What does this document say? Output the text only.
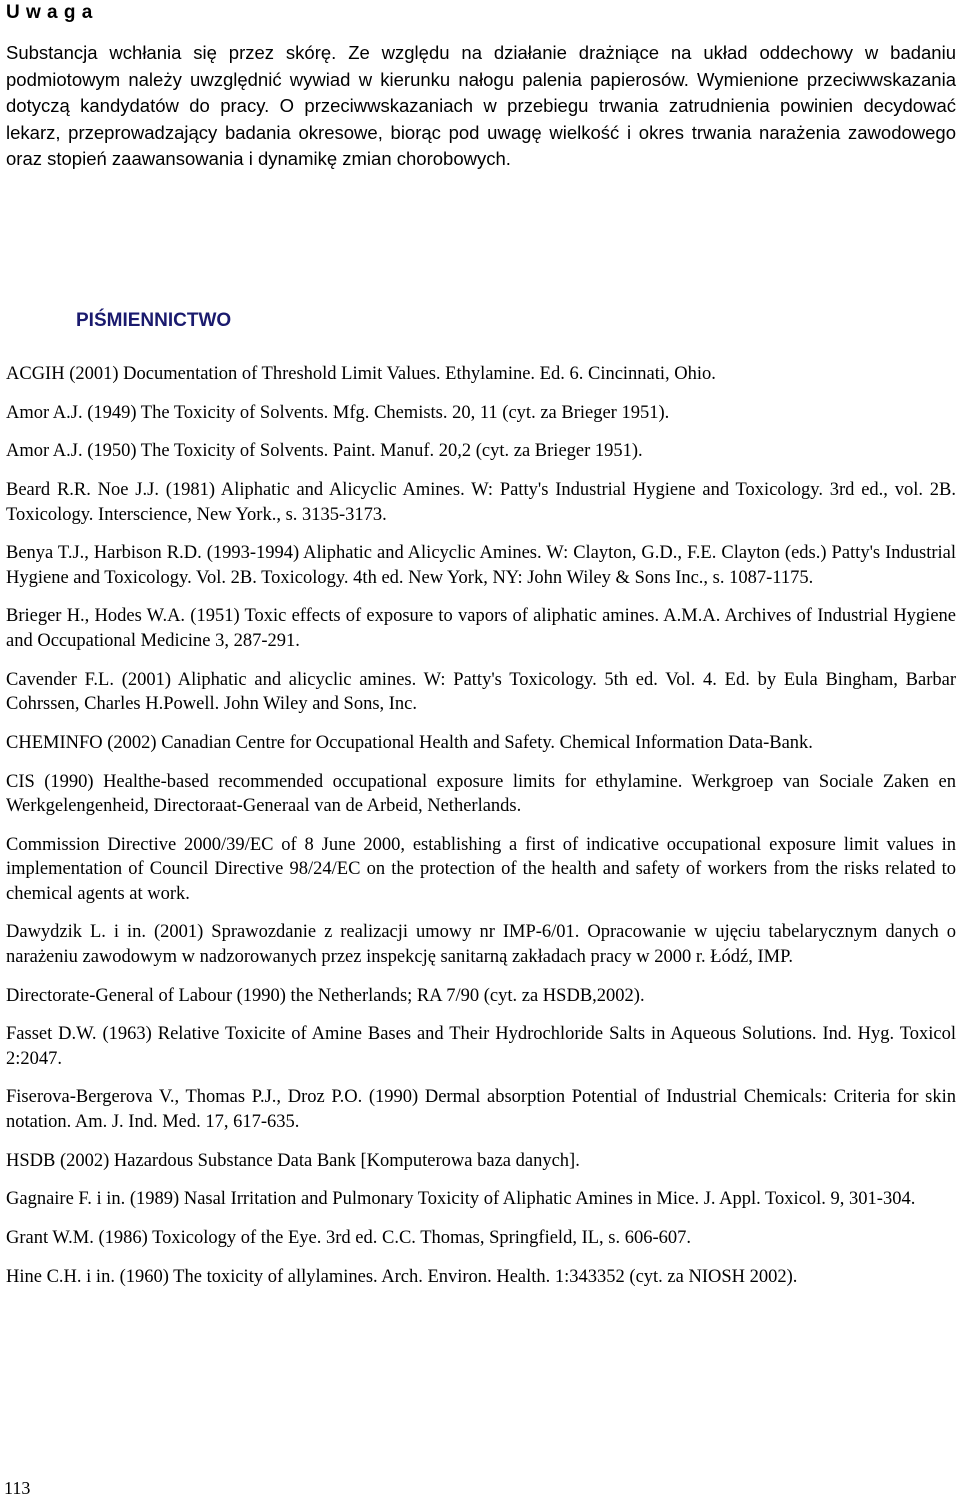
U w a g a

Substancja wchłania się przez skórę. Ze względu na działanie drażniące na układ oddechowy w badaniu podmiotowym należy uwzględnić wywiad w kierunku nałogu palenia papierosów. Wymienione przeciwwskazania dotyczą kandydatów do pracy. O przeciwwskazaniach w przebiegu trwania zatrudnienia powinien decydować lekarz, przeprowadzający badania okresowe, biorąc pod uwagę wielkość i okres trwania narażenia zawodowego oraz stopień zaawansowania i dynamikę zmian chorobowych.

PIŚMIENNICTWO
ACGIH (2001) Documentation of Threshold Limit Values. Ethylamine. Ed. 6. Cincinnati, Ohio.
Amor A.J. (1949) The Toxicity of Solvents. Mfg. Chemists. 20, 11 (cyt. za Brieger 1951).
Amor A.J. (1950) The Toxicity of Solvents. Paint. Manuf. 20,2 (cyt. za Brieger 1951).
Beard R.R. Noe J.J. (1981) Aliphatic and Alicyclic Amines. W: Patty's Industrial Hygiene and Toxicology. 3rd ed., vol. 2B. Toxicology. Interscience, New York., s. 3135-3173.
Benya T.J., Harbison R.D. (1993-1994) Aliphatic and Alicyclic Amines. W: Clayton, G.D., F.E. Clayton (eds.) Patty's Industrial Hygiene and Toxicology. Vol. 2B. Toxicology. 4th ed. New York, NY: John Wiley & Sons Inc., s. 1087-1175.
Brieger H., Hodes W.A. (1951) Toxic effects of exposure to vapors of aliphatic amines. A.M.A. Archives of Industrial Hygiene and Occupational Medicine 3, 287-291.
Cavender F.L. (2001) Aliphatic and alicyclic amines. W: Patty's Toxicology. 5th ed. Vol. 4. Ed. by Eula Bingham, Barbar Cohrssen, Charles H.Powell. John Wiley and Sons, Inc.
CHEMINFO (2002) Canadian Centre for Occupational Health and Safety. Chemical Information Data-Bank.
CIS (1990) Healthe-based recommended occupational exposure limits for ethylamine. Werkgroep van Sociale Zaken en Werkgelengenheid, Directoraat-Generaal van de Arbeid, Netherlands.
Commission Directive 2000/39/EC of 8 June 2000, establishing a first of indicative occupational exposure limit values in implementation of Council Directive 98/24/EC on the protection of the health and safety of workers from the risks related to chemical agents at work.
Dawydzik L. i in. (2001) Sprawozdanie z realizacji umowy nr IMP-6/01. Opracowanie w ujęciu tabelarycznym danych o narażeniu zawodowym w nadzorowanych przez inspekcję sanitarną zakładach pracy w 2000 r. Łódź, IMP.
Directorate-General of Labour (1990) the Netherlands; RA 7/90 (cyt. za HSDB,2002).
Fasset D.W. (1963) Relative Toxicite of Amine Bases and Their Hydrochloride Salts in Aqueous Solutions. Ind. Hyg. Toxicol 2:2047.
Fiserova-Bergerova V., Thomas P.J., Droz P.O. (1990) Dermal absorption Potential of Industrial Chemicals: Criteria for skin notation. Am. J. Ind. Med. 17, 617-635.
HSDB (2002) Hazardous Substance Data Bank [Komputerowa baza danych].
Gagnaire F. i in. (1989) Nasal Irritation and Pulmonary Toxicity of Aliphatic Amines in Mice. J. Appl. Toxicol. 9, 301-304.
Grant W.M. (1986) Toxicology of the Eye. 3rd ed. C.C. Thomas, Springfield, IL, s. 606-607.
Hine C.H. i in. (1960) The toxicity of allylamines. Arch. Environ. Health. 1:343352 (cyt. za NIOSH 2002).
113
